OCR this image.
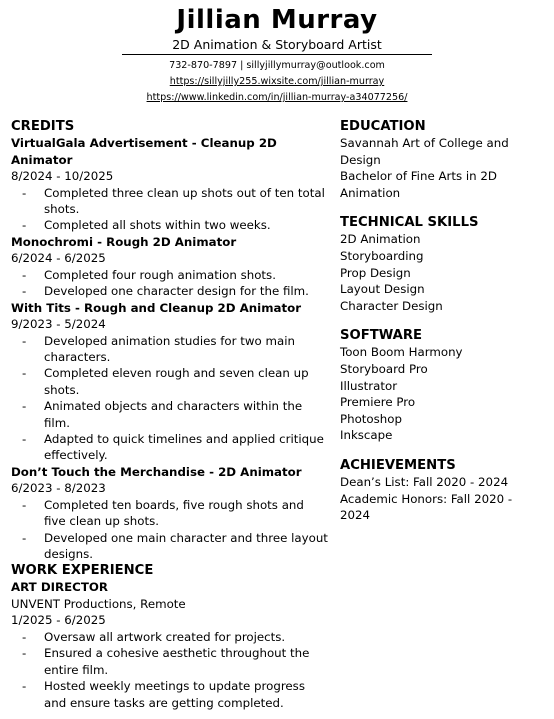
Jillian Murray
2D Animation & Storyboard Artist
732-870-7897 | sillyjillymurray@outlook.com
https://sillyjilly255.wixsite.com/jillian-murray
https://www.linkedin.com/in/jillian-murray-a34077256/
CREDITS
VirtualGala Advertisement - Cleanup 2D Animator
8/2024 - 10/2025
- Completed three clean up shots out of ten total shots.
- Completed all shots within two weeks.
Monochromi - Rough 2D Animator
6/2024 - 6/2025
- Completed four rough animation shots.
- Developed one character design for the film.
With Tits - Rough and Cleanup 2D Animator
9/2023 - 5/2024
- Developed animation studies for two main characters.
- Completed eleven rough and seven clean up shots.
- Animated objects and characters within the film.
- Adapted to quick timelines and applied critique effectively.
Don’t Touch the Merchandise - 2D Animator
6/2023 - 8/2023
- Completed ten boards, five rough shots and five clean up shots.
- Developed one main character and three layout designs.
WORK EXPERIENCE
ART DIRECTOR
UNVENT Productions, Remote
1/2025 - 6/2025
- Oversaw all artwork created for projects.
- Ensured a cohesive aesthetic throughout the entire film.
- Hosted weekly meetings to update progress and ensure tasks are getting completed.
EDUCATION
Savannah Art of College and Design
Bachelor of Fine Arts in 2D Animation
TECHNICAL SKILLS
2D Animation
Storyboarding
Prop Design
Layout Design
Character Design
SOFTWARE
Toon Boom Harmony
Storyboard Pro
Illustrator
Premiere Pro
Photoshop
Inkscape
ACHIEVEMENTS
Dean’s List: Fall 2020 - 2024
Academic Honors: Fall 2020 - 2024
